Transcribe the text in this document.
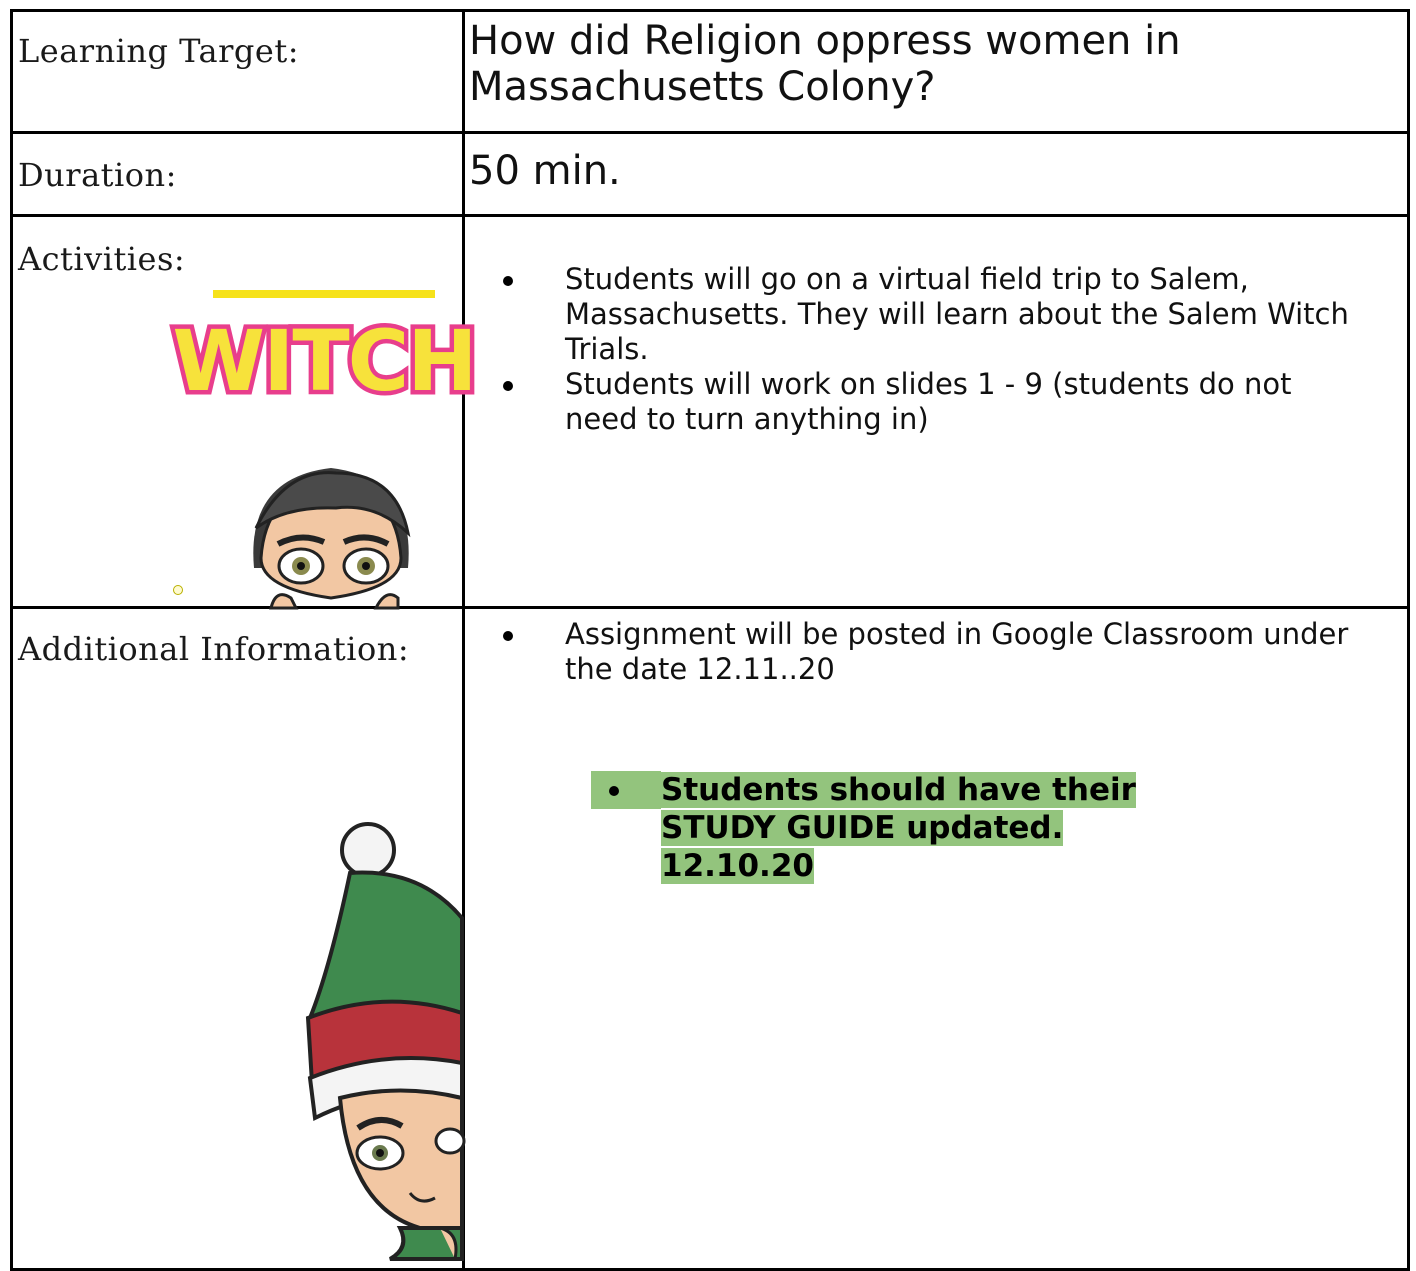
Learning Target:	How did Religion oppress women in Massachusetts Colony?
Duration:	50 min.
Activities:
Students will go on a virtual field trip to Salem, Massachusetts. They will learn about the Salem Witch Trials.
Students will work on slides 1 - 9 (students do not need to turn anything in)
WITCH
Additional Information:	Assignment will be posted in Google Classroom under the date 12.11..20
Students should have their
STUDY GUIDE updated.
12.10.20
